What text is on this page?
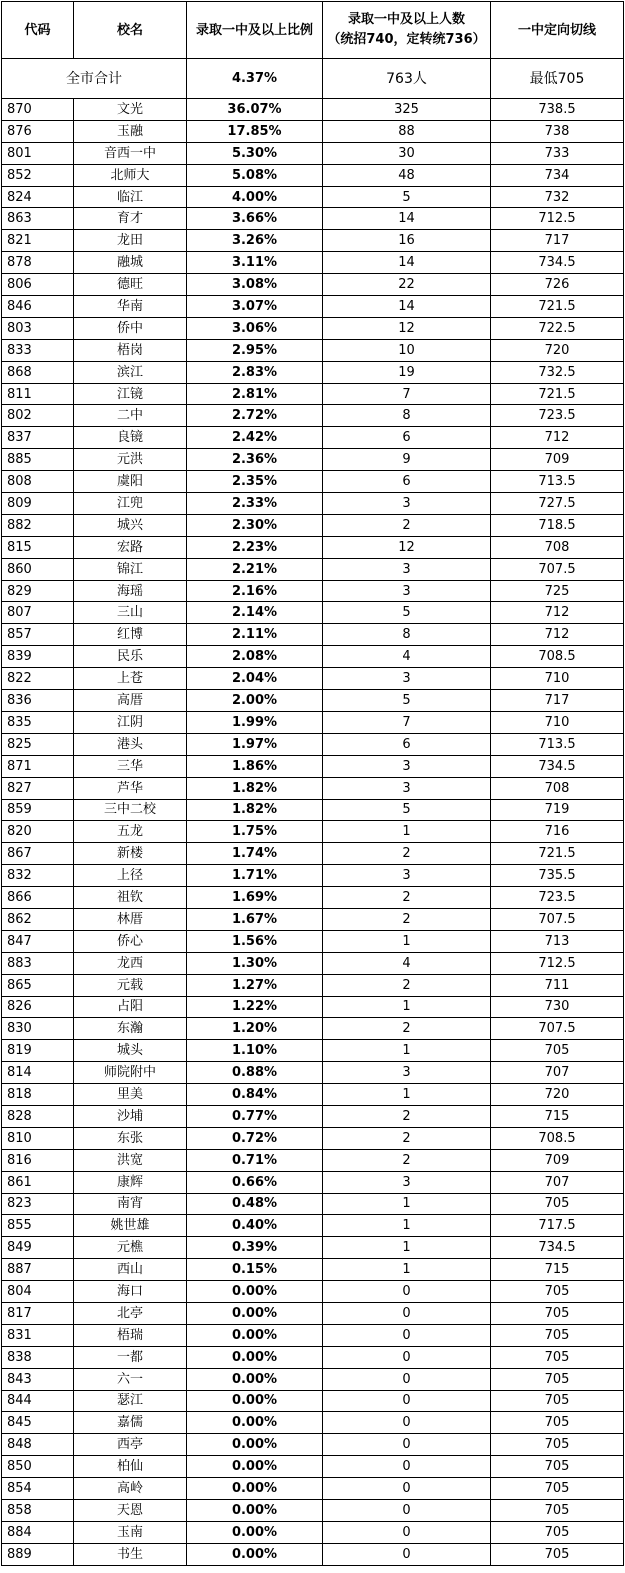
代码	校名	录取一中及以上比例	录取一中及以上人数
（统招740，定转统736）	一中定向切线
全市合计		4.37%	763人	最低705
870	文光	36.07%	325	738.5
876	玉融	17.85%	88	738
801	音西一中	5.30%	30	733
852	北师大	5.08%	48	734
824	临江	4.00%	5	732
863	育才	3.66%	14	712.5
821	龙田	3.26%	16	717
878	融城	3.11%	14	734.5
806	德旺	3.08%	22	726
846	华南	3.07%	14	721.5
803	侨中	3.06%	12	722.5
833	梧岗	2.95%	10	720
868	滨江	2.83%	19	732.5
811	江镜	2.81%	7	721.5
802	二中	2.72%	8	723.5
837	良镜	2.42%	6	712
885	元洪	2.36%	9	709
808	虞阳	2.35%	6	713.5
809	江兜	2.33%	3	727.5
882	城兴	2.30%	2	718.5
815	宏路	2.23%	12	708
860	锦江	2.21%	3	707.5
829	海瑶	2.16%	3	725
807	三山	2.14%	5	712
857	红博	2.11%	8	712
839	民乐	2.08%	4	708.5
822	上苍	2.04%	3	710
836	高厝	2.00%	5	717
835	江阴	1.99%	7	710
825	港头	1.97%	6	713.5
871	三华	1.86%	3	734.5
827	芦华	1.82%	3	708
859	三中二校	1.82%	5	719
820	五龙	1.75%	1	716
867	新楼	1.74%	2	721.5
832	上径	1.71%	3	735.5
866	祖钦	1.69%	2	723.5
862	林厝	1.67%	2	707.5
847	侨心	1.56%	1	713
883	龙西	1.30%	4	712.5
865	元载	1.27%	2	711
826	占阳	1.22%	1	730
830	东瀚	1.20%	2	707.5
819	城头	1.10%	1	705
814	师院附中	0.88%	3	707
818	里美	0.84%	1	720
828	沙埔	0.77%	2	715
810	东张	0.72%	2	708.5
816	洪宽	0.71%	2	709
861	康辉	0.66%	3	707
823	南宵	0.48%	1	705
855	姚世雄	0.40%	1	717.5
849	元樵	0.39%	1	734.5
887	西山	0.15%	1	715
804	海口	0.00%	0	705
817	北亭	0.00%	0	705
831	梧瑞	0.00%	0	705
838	一都	0.00%	0	705
843	六一	0.00%	0	705
844	瑟江	0.00%	0	705
845	嘉儒	0.00%	0	705
848	西亭	0.00%	0	705
850	柏仙	0.00%	0	705
854	高岭	0.00%	0	705
858	天恩	0.00%	0	705
884	玉南	0.00%	0	705
889	书生	0.00%	0	705
